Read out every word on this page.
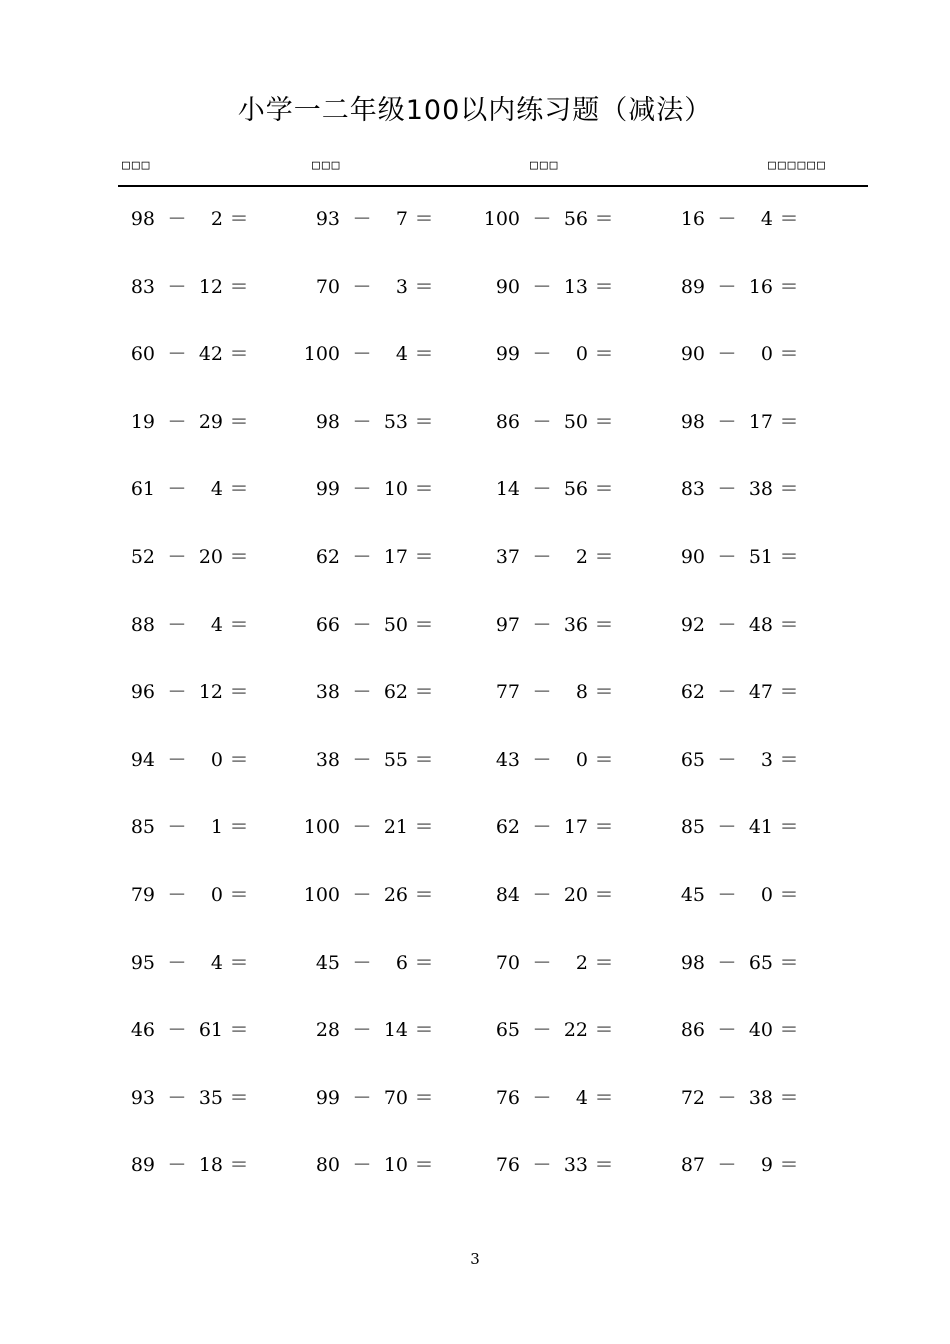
小学一二年级100以内练习题（减法）
□□□	□□□	□□□	□□□□□□
98 －	2 ＝	93 －	7 ＝	100 － 56 ＝	16 －	4 ＝
83 － 12 ＝	70 －	3 ＝	90 － 13 ＝	89 － 16 ＝
60 － 42 ＝	100 －	4 ＝	99 －	0 ＝	90 －	0 ＝
19 － 29 ＝	98 － 53 ＝	86 － 50 ＝	98 － 17 ＝
61 －	4 ＝	99 － 10 ＝	14 － 56 ＝	83 － 38 ＝
52 － 20 ＝	62 － 17 ＝	37 －	2 ＝	90 － 51 ＝
88 －	4 ＝	66 － 50 ＝	97 － 36 ＝	92 － 48 ＝
96 － 12 ＝	38 － 62 ＝	77 －	8 ＝	62 － 47 ＝
94 －	0 ＝	38 － 55 ＝	43 －	0 ＝	65 －	3 ＝
85 －	1 ＝	100 － 21 ＝	62 － 17 ＝	85 － 41 ＝
79 －	0 ＝	100 － 26 ＝	84 － 20 ＝	45 －	0 ＝
95 －	4 ＝	45 －	6 ＝	70 －	2 ＝	98 － 65 ＝
46 － 61 ＝	28 － 14 ＝	65 － 22 ＝	86 － 40 ＝
93 － 35 ＝	99 － 70 ＝	76 －	4 ＝	72 － 38 ＝
89 － 18 ＝	80 － 10 ＝	76 － 33 ＝	87 －	9 ＝
3
